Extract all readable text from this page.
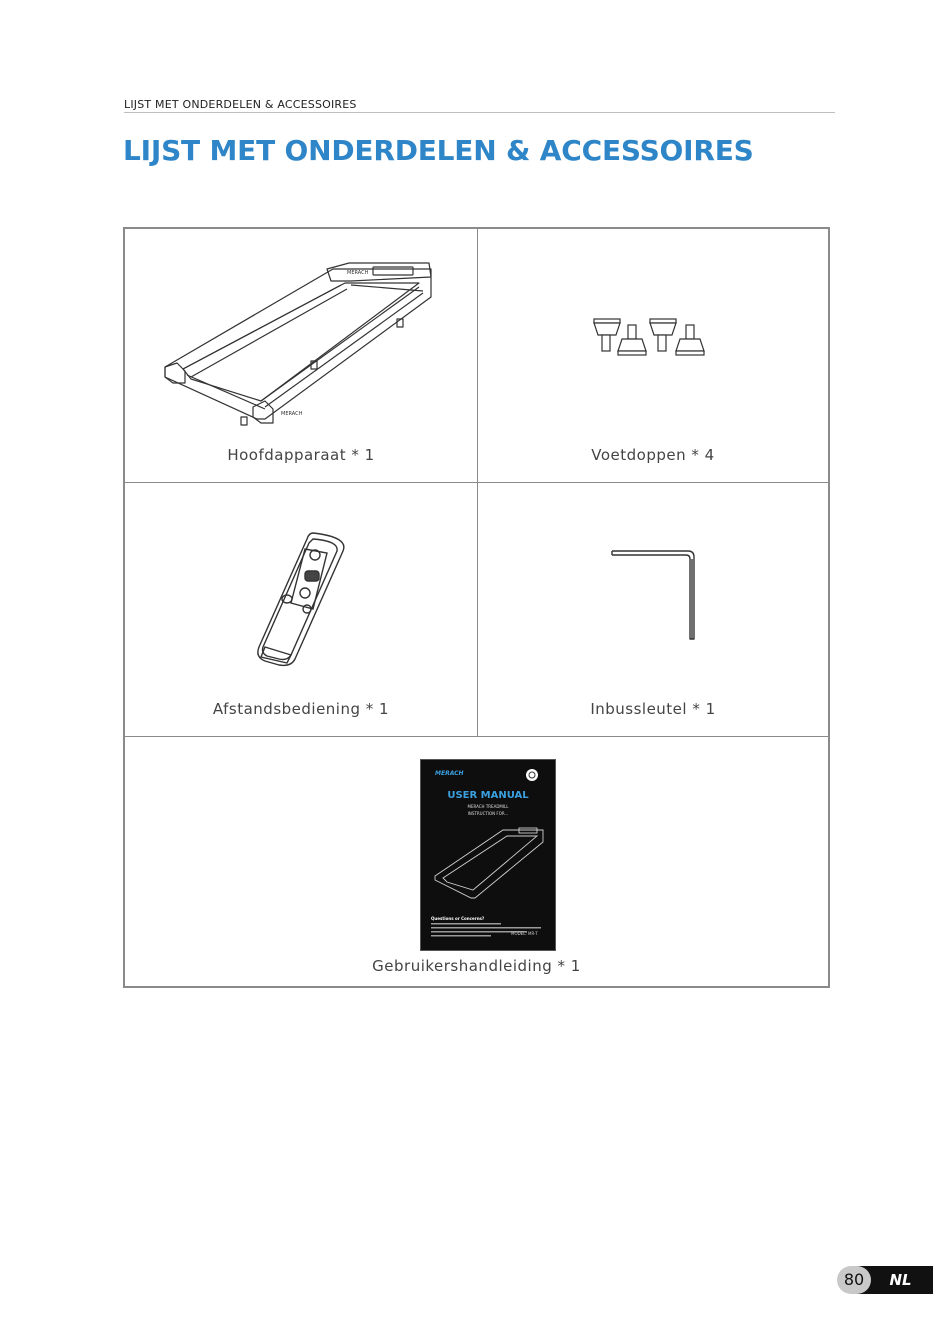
LIJST MET ONDERDELEN & ACCESSOIRES
LIJST MET ONDERDELEN & ACCESSOIRES
MERACH
MERACH
Hoofdapparaat * 1	Voetdoppen * 4
Afstandsbediening * 1	Inbussleutel * 1
MERACH
USER MANUAL
MERACH TREADMILL
INSTRUCTION FOR...
Questions or Concerns?
MODEL: MR-T
Gebruikershandleiding * 1
80	NL
